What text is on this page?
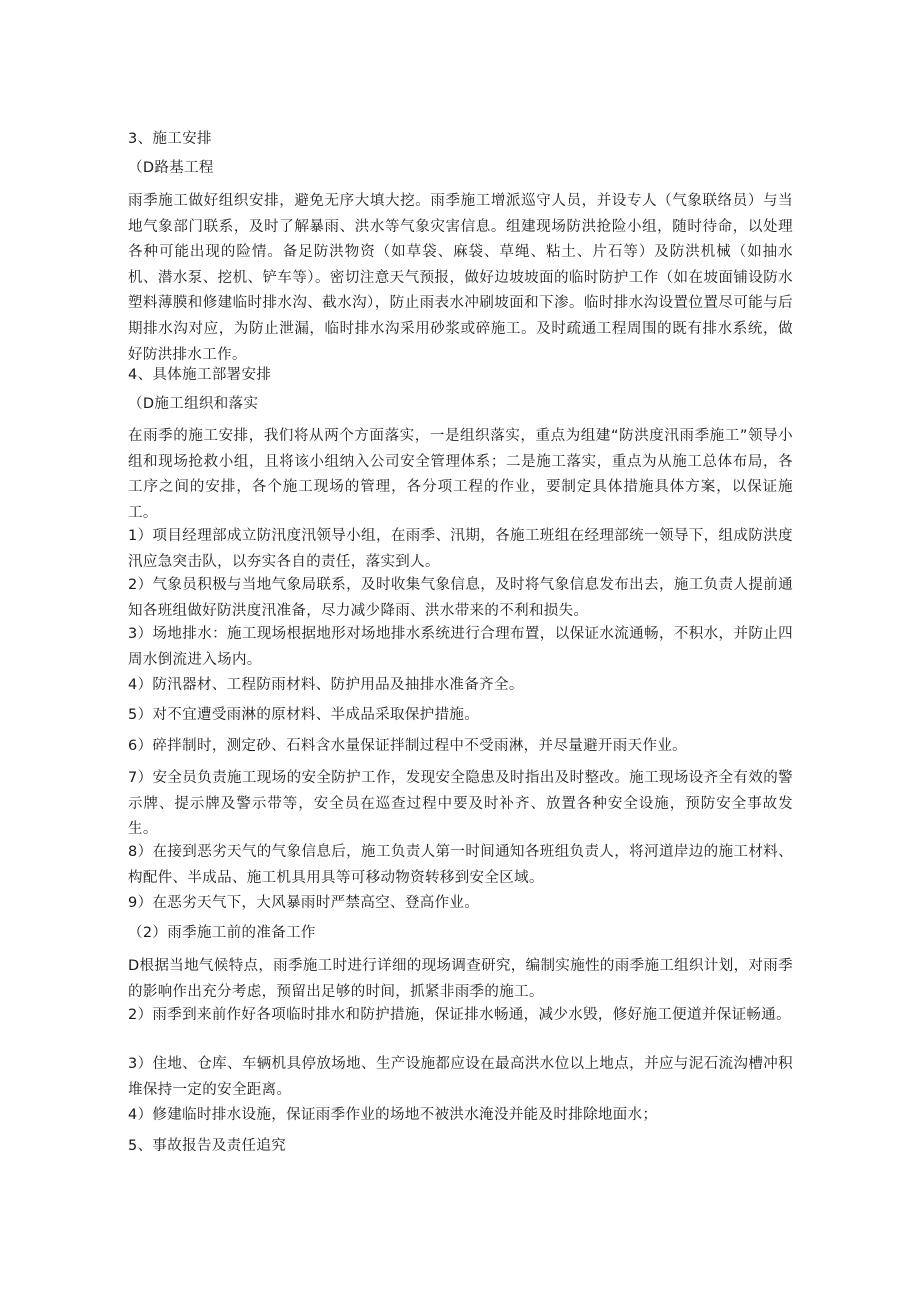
3、施工安排
（D路基工程
雨季施工做好组织安排，避免无序大填大挖。雨季施工增派巡守人员，并设专人（气象联络员）与当地气象部门联系，及时了解暴雨、洪水等气象灾害信息。组建现场防洪抢险小组，随时待命，以处理各种可能出现的险情。备足防洪物资（如草袋、麻袋、草绳、粘土、片石等）及防洪机械（如抽水机、潜水泵、挖机、铲车等）。密切注意天气预报，做好边坡坡面的临时防护工作（如在坡面铺设防水塑料薄膜和修建临时排水沟、截水沟），防止雨表水冲刷坡面和下渗。临时排水沟设置位置尽可能与后期排水沟对应，为防止泄漏，临时排水沟采用砂浆或碎施工。及时疏通工程周围的既有排水系统，做好防洪排水工作。
4、具体施工部署安排
（D施工组织和落实
在雨季的施工安排，我们将从两个方面落实，一是组织落实，重点为组建“防洪度汛雨季施工”领导小组和现场抢救小组，且将该小组纳入公司安全管理体系；二是施工落实，重点为从施工总体布局，各工序之间的安排，各个施工现场的管理，各分项工程的作业，要制定具体措施具体方案，以保证施工。
1）项目经理部成立防汛度汛领导小组，在雨季、汛期，各施工班组在经理部统一领导下，组成防洪度汛应急突击队，以夯实各自的责任，落实到人。
2）气象员积极与当地气象局联系，及时收集气象信息，及时将气象信息发布出去，施工负责人提前通知各班组做好防洪度汛准备，尽力减少降雨、洪水带来的不利和损失。
3）场地排水：施工现场根据地形对场地排水系统进行合理布置，以保证水流通畅，不积水，并防止四周水倒流进入场内。
4）防汛器材、工程防雨材料、防护用品及抽排水准备齐全。
5）对不宜遭受雨淋的原材料、半成品采取保护措施。
6）碎拌制时，测定砂、石料含水量保证拌制过程中不受雨淋，并尽量避开雨天作业。
7）安全员负责施工现场的安全防护工作，发现安全隐患及时指出及时整改。施工现场设齐全有效的警示牌、提示牌及警示带等，安全员在巡查过程中要及时补齐、放置各种安全设施，预防安全事故发生。
8）在接到恶劣天气的气象信息后，施工负责人第一时间通知各班组负责人，将河道岸边的施工材料、构配件、半成品、施工机具用具等可移动物资转移到安全区域。
9）在恶劣天气下，大风暴雨时严禁高空、登高作业。
（2）雨季施工前的准备工作
D根据当地气候特点，雨季施工时进行详细的现场调查研究，编制实施性的雨季施工组织计划，对雨季的影响作出充分考虑，预留出足够的时间，抓紧非雨季的施工。
2）雨季到来前作好各项临时排水和防护措施，保证排水畅通，减少水毁，修好施工便道并保证畅通。
3）住地、仓库、车辆机具停放场地、生产设施都应设在最高洪水位以上地点，并应与泥石流沟槽冲积堆保持一定的安全距离。
4）修建临时排水设施，保证雨季作业的场地不被洪水淹没并能及时排除地面水；
5、事故报告及责任追究
